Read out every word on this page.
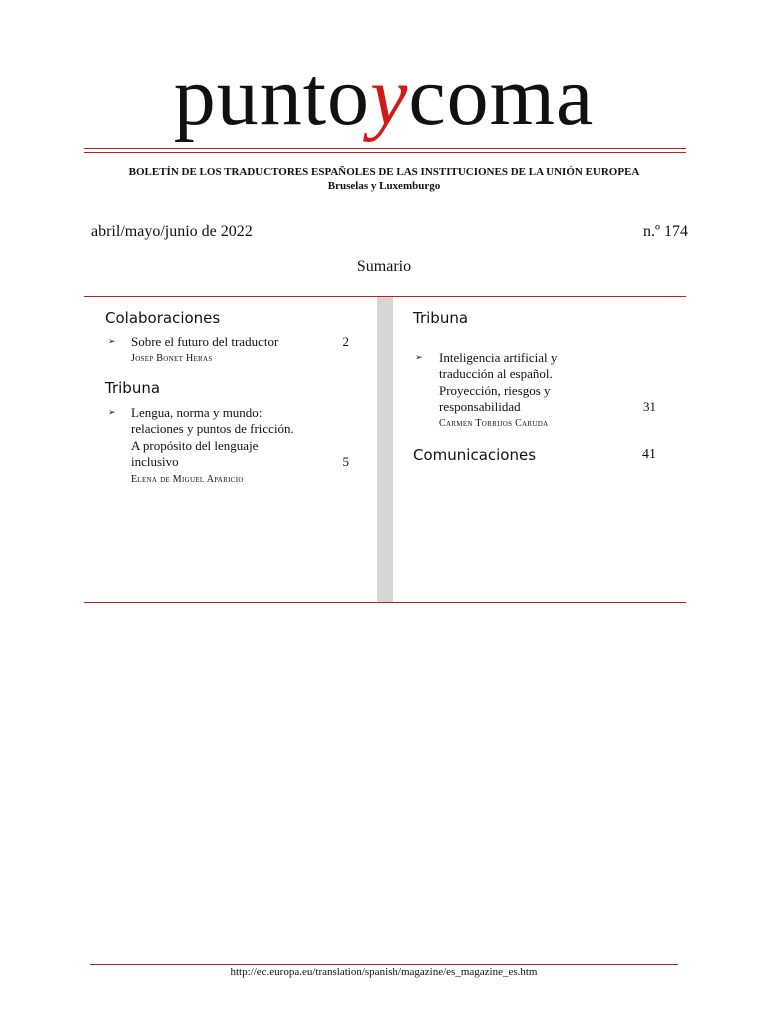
puntoycoma
BOLETÍN DE LOS TRADUCTORES ESPAÑOLES DE LAS INSTITUCIONES DE LA UNIÓN EUROPEA
Bruselas y Luxemburgo
abril/mayo/junio de 2022	n.º 174
Sumario
Colaboraciones
➢ Sobre el futuro del traductor	2
Josep Bonet Heras
Tribuna
➢ Lengua, norma y mundo:
relaciones y puntos de fricción.
A propósito del lenguaje
inclusivo	5
Elena de Miguel Aparicio
Tribuna
➢ Inteligencia artificial y
traducción al español.
Proyección, riesgos y
responsabilidad	31
Carmen Torrijos Caruda
Comunicaciones	41
http://ec.europa.eu/translation/spanish/magazine/es_magazine_es.htm
